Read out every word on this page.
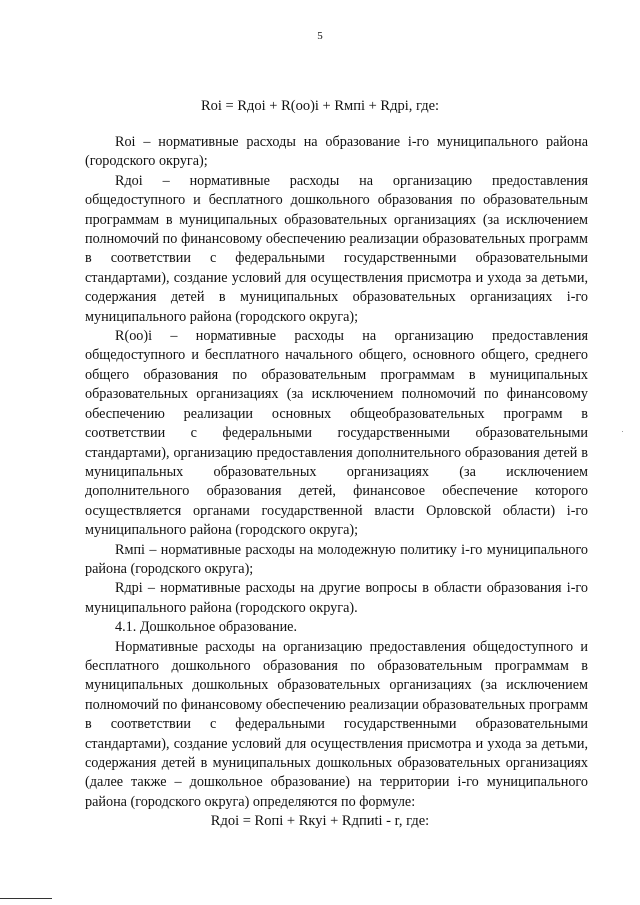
5
Roi = Rдоi + R(оо)i + Rмпi + Rдрi, где:

Roi – нормативные расходы на образование i-го муниципального района (городского округа);

Rдоi – нормативные расходы на организацию предоставления общедоступного и бесплатного дошкольного образования по образовательным программам в муниципальных образовательных организациях (за исключением полномочий по финансовому обеспечению реализации образовательных программ в соответствии с федеральными государственными образовательными стандартами), создание условий для осуществления присмотра и ухода за детьми, содержания детей в муниципальных образовательных организациях i-го муниципального района (городского округа);

R(оо)i – нормативные расходы на организацию предоставления общедоступного и бесплатного начального общего, основного общего, среднего общего образования по образовательным программам в муниципальных образовательных организациях (за исключением полномочий по финансовому обеспечению реализации основных общеобразовательных программ в соответствии с федеральными государственными образовательными стандартами), организацию предоставления дополнительного образования детей в муниципальных образовательных организациях (за исключением дополнительного образования детей, финансовое обеспечение которого осуществляется органами государственной власти Орловской области) i-го муниципального района (городского округа);

Rмпi – нормативные расходы на молодежную политику i-го муниципального района (городского округа);

Rдрi – нормативные расходы на другие вопросы в области образования i-го муниципального района (городского округа).

4.1. Дошкольное образование.

Нормативные расходы на организацию предоставления общедоступного и бесплатного дошкольного образования по образовательным программам в муниципальных дошкольных образовательных организациях (за исключением полномочий по финансовому обеспечению реализации образовательных программ в соответствии с федеральными государственными образовательными стандартами), создание условий для осуществления присмотра и ухода за детьми, содержания детей в муниципальных дошкольных образовательных организациях (далее также – дошкольное образование) на территории i-го муниципального района (городского округа) определяются по формуле:

Rдоi = Rопi + Rкуi + Rдпиti - r, где:
